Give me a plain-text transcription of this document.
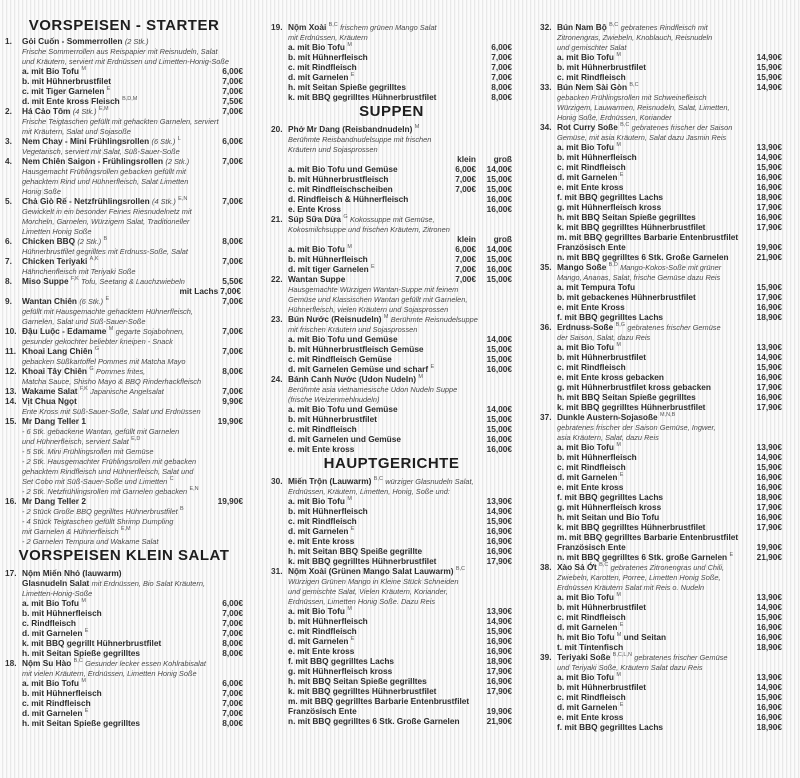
VORSPEISEN - STARTER
1.	Gỏi Cuốn - Sommerrollen (2 Stk.)
Frische Sommerrollen aus Reispapier mit Reisnudeln, Salat
und Kräutern, serviert mit Erdnüssen und Limetten-Honig-Soße
a. mit Bio Tofu $^M$	6,00€
b. mit Hühnerbrustfilet	7,00€
c. mit Tiger Garnelen $^E$	7,00€
d. mit Ente kross Fleisch $^{B,D,M}$	7,50€
2.	Há Cảo Tôm (4 Stk.) $^{E,M}$	7,00€
Frische Teigtaschen gefüllt mit gehackten Garnelen, serviert
mit Kräutern, Salat und Sojasoße
3.	Nem Chay - Mini Frühlingsrollen (6 Stk.) $^L$	6,00€
Vegetarisch, serviert mit Salat, Süß-Sauer-Soße
4.	Nem Chiên Saigon - Frühlingsrollen (2 Stk.)	7,00€
Hausgemacht Frühlingsrollen gebacken gefüllt mit
gehacktem Rind und Hühnerfleisch, Salat Limetten
Honig Soße
5.	Chả Giò Rế - Netzfrühlingsrollen (4 Stk.) $^{E,N}$	7,00€
Gewickelt in ein besonder Feines Riesnudelnetz mit
Morcheln, Garnelen, Würzigem Salat, Traditioneller
Limetten Honig Soße
6.	Chicken BBQ (2 Stk.) $^B$	8,00€
Hühnerbrustfilet gegrilltes mit Erdnuss-Soße, Salat
7.	Chicken Teriyaki $^{A,K}$	7,00€
Hähnchenfleisch mit Teriyaki Soße
8.	Miso Suppe $^{F,K}$ Tofu, Seetang & Lauchzwiebeln	5,50€
mit Lachs 7,00€
9.	Wantan Chiên (6 Stk.) $^E$	7,00€
gefüllt mit Hausgemachte gehacktem Hühnerfleisch,
Garnelen, Salat und Süß-Sauer-Soße
10. Đậu Luộc - Edamame $^M$ gegarte Sojabohnen,	7,00€
gesunder gekochter beliebter kneipen - Snack
11. Khoai Lang Chiên $^G$	7,00€
gebacken Süßkartoffel Pommes mit Matcha Mayo
12. Khoai Tây Chiên $^G$ Pommes frites,	8,00€
Matcha Sauce, Shisho Mayo & BBQ Rinderhackfleisch
13. Wakame Salat $^{F,K}$ Japanische Angelsalat	7,00€
14. Vịt Chua Ngọt	9,90€
Ente Kross mit Süß-Sauer-Soße, Salat und Erdnüssen
15. Mr Dang Teller 1	19,90€
- 6 Stk. gebackene Wantan, gefüllt mit Garnelen
und Hühnerfleisch, serviert Salat $^{E,D}$
- 5 Stk. Mini Frühlingsrollen mit Gemüse
- 2 Stk. Hausgemachter Frühlingsrollen mit gebacken
gehacktem Rindfleisch und Hühnerfleisch, Salat und
Set Cobo mit Süß-Sauer-Soße und Limetten $^C$
- 2 Stk. Netzfrühlingsrollen mit Garnelen gebacken $^{E,N}$
16. Mr Dang Teller 2	19,90€
- 2 Stück Große BBQ gegrilltes Hühnerbrustfilet $^B$
- 4 Stück Teigtaschen gefüllt Shrimp Dumpling
mit Garnelen & Hühnerfleisch $^{E,M}$
- 2 Garnelen Tempura und Wakame Salat
VORSPEISEN KLEIN SALAT
17. Nộm Miến Nhỏ (lauwarm)
Glasnudeln Salat mit Erdnüssen, Bio Salat Kräutern,
Limetten-Honig-Soße
a. mit Bio Tofu $^M$	6,00€
b. mit Hühnerfleisch	7,00€
c. Rindfleisch	7,00€
d. mit Garnelen $^E$	7,00€
k. mit BBQ gegrillt Hühnerbrustfilet	8,00€
h. mit Seitan Spieße gegrilltes	8,00€
18. Nộm Su Hào $^{B,C}$ Gesunder lecker essen Kohlrabisalat
mit vielen Kräutern, Erdnüssen, Limetten Honig Soße
a. mit Bio Tofu $^M$	6,00€
b. mit Hühnerfleisch	7,00€
c. mit Rindfleisch	7,00€
d. mit Garnelen $^E$	7,00€
h. mit Seitan Spieße gegrilltes	8,00€
19. Nộm Xoài $^{B,C}$ frischem grünen Mango Salat
mit Erdnüssen, Kräutern
a. mit Bio Tofu $^M$	6,00€
b. mit Hühnerfleisch	7,00€
c. mit Rindfleisch	7,00€
d. mit Garnelen $^E$	7,00€
h. mit Seitan Spieße gegrilltes	8,00€
k. mit BBQ gegrilltes Hühnerbrustfilet	8,00€
SUPPEN
20. Phở Mr Dang (Reisbandnudeln) $^M$
Berühmte Reisbandnudelsuppe mit frischen
Kräutern und Sojasprossen
klein	groß
a. mit Bio Tofu und Gemüse	6,00€	14,00€
b. mit Hühnerbrustfleisch	7,00€	15,00€
c. mit Rindfleischscheiben	7,00€	15,00€
d. Rindfleisch & Hühnerfleisch	16,00€
e. Ente Kross	16,00€
21. Súp Sữa Dừa $^G$ Kokossuppe mit Gemüse,
Kokosmilchsuppe und frischen Kräutern, Zitronen
klein	groß
a. mit Bio Tofu $^M$	6,00€	14,00€
b. mit Hühnerfleisch	7,00€	15,00€
d. mit tiger Garnelen $^E$	7,00€	16,00€
22. Wantan Suppe	7,00€	15,00€
Hausgemachte Würzigen Wantan-Suppe mit feinem
Gemüse und Klassischen Wantan gefüllt mit Garnelen,
Hühnerfleisch, vielen Kräutern und Sojasprossen
23. Bún Nước (Reisnudeln) $^M$ Berühmte Reisnudelsuppe
mit frischen Kräutern und Sojasprossen
a. mit Bio Tofu und Gemüse	14,00€
b. mit Hühnerbrustfleisch Gemüse	15,00€
c. mit Rindfleisch Gemüse	15,00€
d. mit Garnelen Gemüse und scharf $^E$	16,00€
24. Bánh Canh Nước (Udon Nudeln) $^M$
Berühmte asia vietnamesische Udon Nudeln Suppe
(frische Weizenmehlnudeln)
a. mit Bio Tofu und Gemüse	14,00€
b. mit Hühnerbrustfilet	15,00€
c. mit Rindfleisch	15,00€
d. mit Garnelen und Gemüse	16,00€
e. mit Ente kross	16,00€
HAUPTGERICHTE
30. Miến Trộn (Lauwarm) $^{B,C}$ würziger Glasnudeln Salat,
Erdnüssen, Kräutern, Limetten, Honig, Soße und:
a. mit Bio Tofu $^M$	13,90€
b. mit Hühnerfleisch	14,90€
c. mit Rindfleisch	15,90€
d. mit Garnelen $^E$	16,90€
e. mit Ente kross	16,90€
h. mit Seitan BBQ Speiße gegrillte	16,90€
k. mit BBQ gegrilltes Hühnerbrustfilet	17,90€
31. Nộm Xoài (Grünen Mango Salat Lauwarm) $^{B,C}$
Würzigen Grünen Mango in Kleine Stück Schneiden
und gemischte Salat, Vielen Kräutern, Koriander,
Erdnüssen, Limetten Honig Soße. Dazu Reis
a. mit Bio Tofu $^M$	13,90€
b. mit Hühnerfleisch	14,90€
c. mit Rindfleisch	15,90€
d. mit Garnelen $^E$	16,90€
e. mit Ente kross	16,90€
f. mit BBQ gegrilltes Lachs	18,90€
g. mit Hühnerfleisch kross	17,90€
h. mit BBQ Seitan Spieße gegrilltes	16,90€
k. mit BBQ gegrilltes Hühnerbrustfilet	17,90€
m. mit BBQ gegrilltes Barbarie Entenbrustfilet
Französisch Ente	19,90€
n. mit BBQ gegrilltes 6 Stk. Große Garnelen	21,90€
32. Bún Nam Bộ $^{B,C}$ gebratenes Rindfleisch mit
Zitronengras, Zwiebeln, Knoblauch, Reisnudeln
und gemischter Salat
a. mit Bio Tofu $^M$	14,90€
b. mit Hühnerbrustfilet	15,90€
c. mit Rindfleisch	15,90€
33. Bún Nem Sài Gòn $^{B,C}$	14,90€
gebacken Frühlingsrollen mit Schweinefleisch
Würzigem, Lauwarmen, Reisnudeln, Salat, Limetten,
Honig Soße, Erdnüssen, Koriander
34. Rot Curry Soße $^{B,C}$ gebratenes frischer der Saison
Gemüse, mit asia Kräutern, Salat dazu Jasmin Reis
a. mit Bio Tofu $^M$	13,90€
b. mit Hühnerfleisch	14,90€
c. mit Rindfleisch	15,90€
d. mit Garnelen $^E$	16,90€
e. mit Ente kross	16,90€
f. mit BBQ gegrilltes Lachs	18,90€
g. mit Hühnerfleisch kross	17,90€
h. mit BBQ Seitan Spieße gegrilltes	16,90€
k. mit BBQ gegrilltes Hühnerbrustfilet	17,90€
m. mit BBQ gegrilltes Barbarie Entenbrustfilet
Französisch Ente	19,90€
n. mit BBQ gegrilltes 6 Stk. Große Garnelen	21,90€
35. Mango Soße $^{B,D}$ Mango-Kokos-Soße mit grüner
Mango, Ananas, Salat, frische Gemüse dazu Reis
a. mit Tempura Tofu	15,90€
b. mit gebackenes Hühnerbrustfilet	17,90€
e. mit Ente Kross	16,90€
f. mit BBQ gegrilltes Lachs	18,90€
36. Erdnuss-Soße $^{B,G}$ gebratenes frischer Gemüse
der Saison, Salat, dazu Reis
a. mit Bio Tofu $^M$	13,90€
b. mit Hühnerbrustfilet	14,90€
c. mit Rindfleisch	15,90€
e. mit Ente kross gebacken	16,90€
g. mit Hühnerbrustfilet kross gebacken	17,90€
h. mit BBQ Seitan Spieße gegrilltes	16,90€
k. mit BBQ gegrilltes Hühnerbrustfilet	17,90€
37. Dunkle Austern-Sojasoße $^{M,N,B}$
gebratenes frischer der Saison Gemüse, Ingwer,
asia Kräutern, Salat, dazu Reis
a. mit Bio Tofu $^M$	13,90€
b. mit Hühnerfleisch	14,90€
c. mit Rindfleisch	15,90€
d. mit Garnelen $^E$	16,90€
e. mit Ente kross	16,90€
f. mit BBQ gegrilltes Lachs	18,90€
g. mit Hühnerfleisch kross	17,90€
h. mit Seitan und Bio Tofu	16,90€
k. mit BBQ gegrilltes Hühnerbrustfilet	17,90€
m. mit BBQ gegrilltes Barbarie Entenbrustfilet
Französisch Ente	19,90€
n. mit BBQ gegrilltes 6 Stk. große Garnelen $^E$	21,90€
38. Xào Sả Ớt $^{B,C}$ gebratenes Zitronengras und Chili,
Zwiebeln, Karotten, Porree, Limetten Honig Soße,
Erdnüssen Kräutern Salat mit Reis o. Nudeln
a. mit Bio Tofu $^M$	13,90€
b. mit Hühnerbrustfilet	14,90€
c. mit Rindfleisch	15,90€
d. mit Garnelen $^E$	16,90€
h. mit Bio Tofu $^M$ und Seitan	16,90€
t. mit Tintenfisch	18,90€
39. Teriyaki Soße $^{B,C,L,N}$ gebratenes frischer Gemüse
und Teriyaki Soße, Kräutern Salat dazu Reis
a. mit Bio Tofu $^M$	13,90€
b. mit Hühnerbrustfilet	14,90€
c. mit Rindfleisch	15,90€
d. mit Garnelen $^E$	16,90€
e. mit Ente kross	16,90€
f. mit BBQ gegrilltes Lachs	18,90€
